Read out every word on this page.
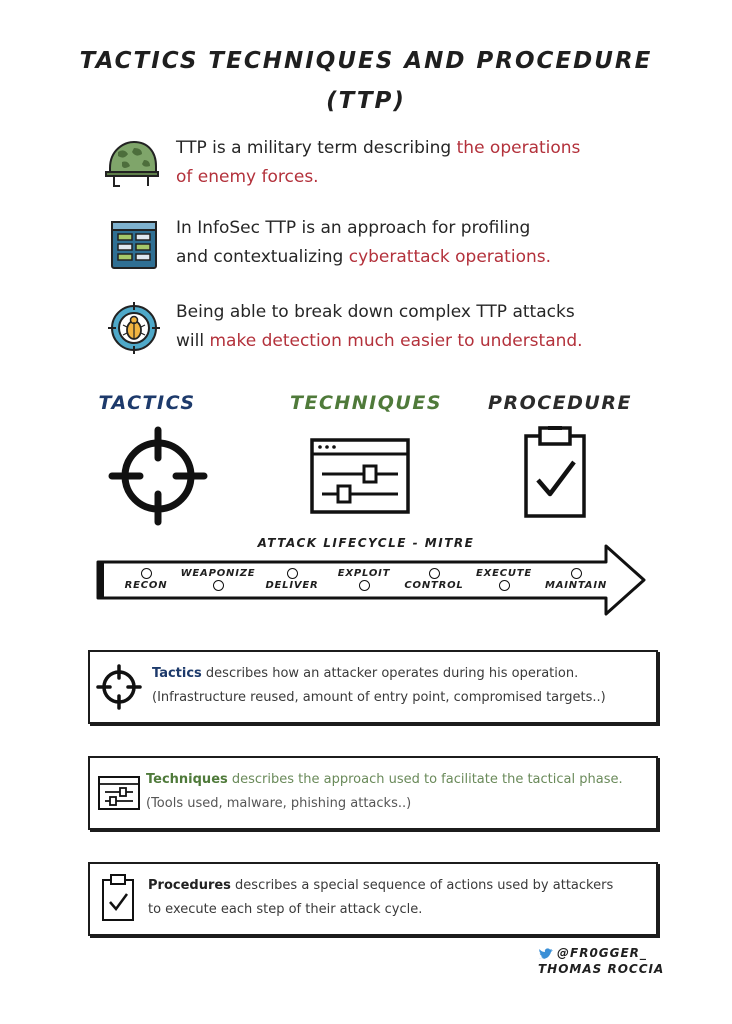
TACTICS TECHNIQUES AND PROCEDURE
(TTP)
TTP is a military term describing the operations
of enemy forces.
In InfoSec TTP is an approach for profiling
and contextualizing cyberattack operations.
Being able to break down complex TTP attacks
will make detection much easier to understand.
TACTICS	TECHNIQUES	PROCEDURE
ATTACK LIFECYCLE - MITRE
RECON	DELIVER	CONTROL	MAINTAIN
WEAPONIZE	EXPLOIT	EXECUTE
Tactics describes how an attacker operates during his operation.
(Infrastructure reused, amount of entry point, compromised targets..)
Techniques describes the approach used to facilitate the tactical phase.
(Tools used, malware, phishing attacks..)
Procedures describes a special sequence of actions used by attackers
to execute each step of their attack cycle.
@FR0GGER_
THOMAS ROCCIA
